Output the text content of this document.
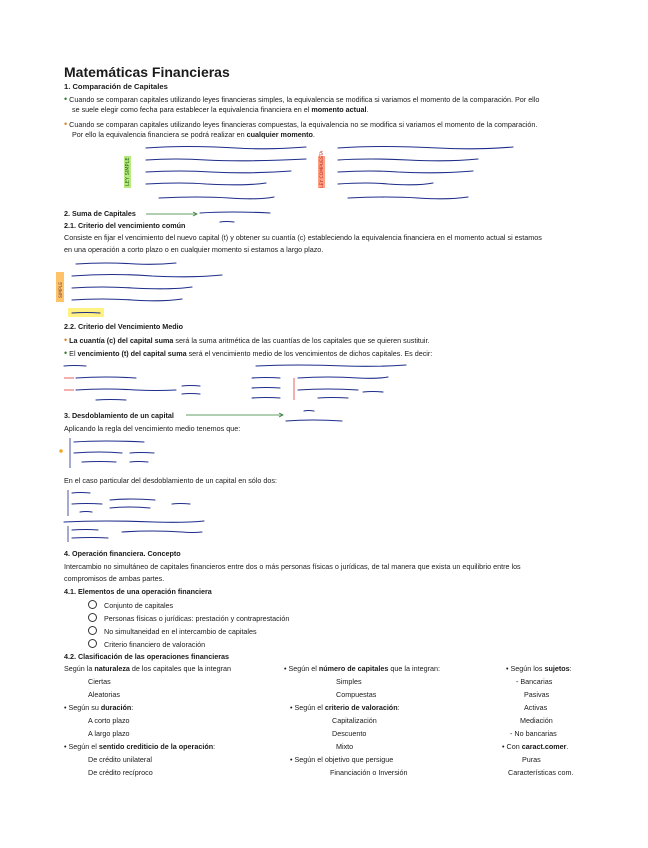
Matemáticas Financieras
1. Comparación de Capitales
• Cuando se comparan capitales utilizando leyes financieras simples, la equivalencia se modifica si variamos el momento de la comparación. Por ello
se suele elegir como fecha para establecer la equivalencia financiera en el momento actual.
• Cuando se comparan capitales utilizando leyes financieras compuestas, la equivalencia no se modifica si variamos el momento de la comparación.
Por ello la equivalencia financiera se podrá realizar en cualquier momento.
LEY SIMPLE	LEY COMPUESTA
2. Suma de Capitales
2.1. Criterio del vencimiento común
Consiste en fijar el vencimiento del nuevo capital (t) y obtener su cuantía (c) estableciendo la equivalencia financiera en el momento actual si estamos
en una operación a corto plazo o en cualquier momento si estamos a largo plazo.
SIMPLE
2.2. Criterio del Vencimiento Medio
• La cuantía (c) del capital suma será la suma aritmética de las cuantías de los capitales que se quieren sustituir.
• El vencimiento (t) del capital suma será el vencimiento medio de los vencimientos de dichos capitales. Es decir:
3. Desdoblamiento de un capital
Aplicando la regla del vencimiento medio tenemos que:
En el caso particular del desdoblamiento de un capital en sólo dos:
4. Operación financiera. Concepto
Intercambio no simultáneo de capitales financieros entre dos o más personas físicas o jurídicas, de tal manera que exista un equilibrio entre los
compromisos de ambas partes.
4.1. Elementos de una operación financiera
Conjunto de capitales
Personas físicas o jurídicas: prestación y contraprestación
No simultaneidad en el intercambio de capitales
Criterio financiero de valoración
4.2. Clasificación de las operaciones financieras
Según la naturaleza de los capitales que la integran
Ciertas
Aleatorias
• Según su duración:
A corto plazo
A largo plazo
• Según el sentido crediticio de la operación:
De crédito unilateral
De crédito recíproco
• Según el número de capitales que la integran:
Simples
Compuestas
• Según el criterio de valoración:
Capitalización
Descuento
Mixto
• Según el objetivo que persigue
Financiación o Inversión
• Según los sujetos:
- Bancarias
Pasivas
Activas
Mediación
- No bancarias
• Con caract.comer.
Puras
Características com.
